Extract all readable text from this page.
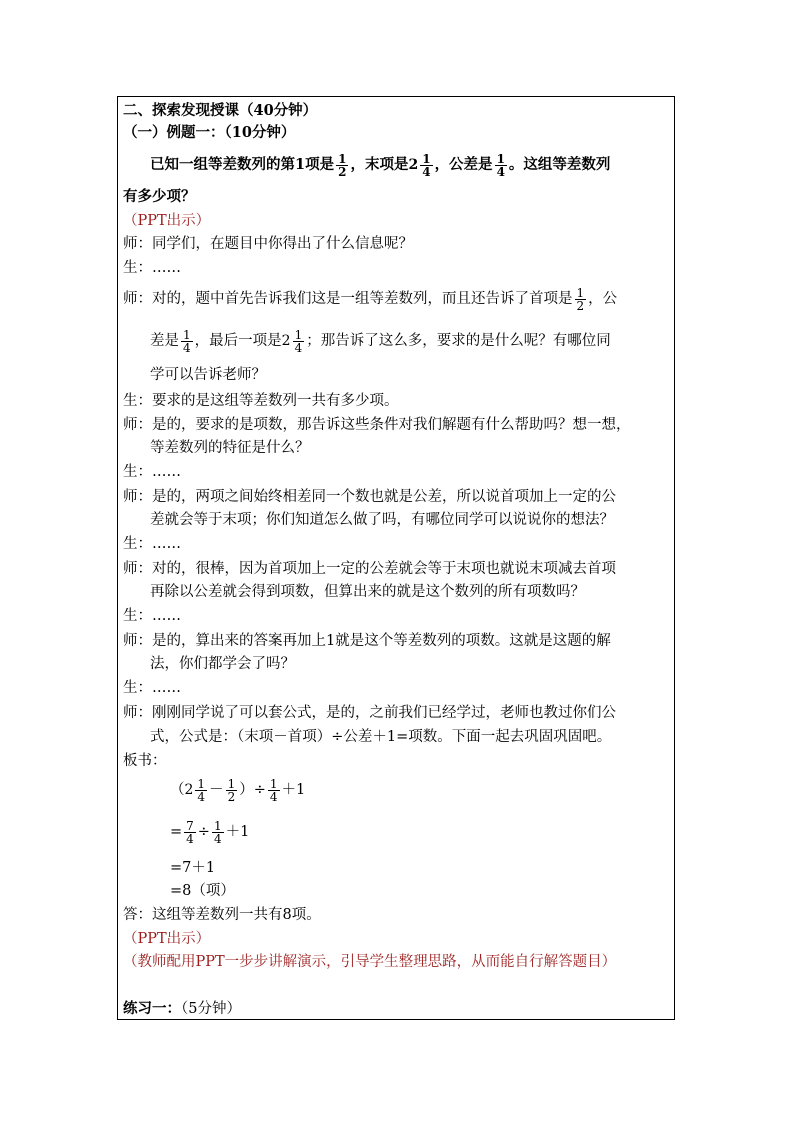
二、探索发现授课（40分钟）
（一）例题一：（10分钟）
已知一组等差数列的第1项是 $\frac{1}{2}$ ，末项是$2 \frac{1}{4}$ ，公差是 $\frac{1}{4}$ 。这组等差数列
有多少项？
（PPT出示）
师：同学们，在题目中你得出了什么信息呢？
生：……
师：对的，题中首先告诉我们这是一组等差数列，而且还告诉了首项是 $\frac{1}{2}$ ，公
差是 $\frac{1}{4}$ ，最后一项是$2 \frac{1}{4}$ ；那告诉了这么多，要求的是什么呢？有哪位同
学可以告诉老师？
生：要求的是这组等差数列一共有多少项。
师：是的，要求的是项数，那告诉这些条件对我们解题有什么帮助吗？想一想，
等差数列的特征是什么？
生：……
师：是的，两项之间始终相差同一个数也就是公差，所以说首项加上一定的公
差就会等于末项；你们知道怎么做了吗，有哪位同学可以说说你的想法？
生：……
师：对的，很棒，因为首项加上一定的公差就会等于末项也就说末项减去首项
再除以公差就会得到项数，但算出来的就是这个数列的所有项数吗？
生：……
师：是的，算出来的答案再加上1就是这个等差数列的项数。这就是这题的解
法，你们都学会了吗？
生：……
师：刚刚同学说了可以套公式，是的，之前我们已经学过，老师也教过你们公
式，公式是：（末项－首项）÷公差＋1=项数。下面一起去巩固巩固吧。
板书：
（$2 \frac{1}{4} - \frac{1}{2}$ ）÷ $\frac{1}{4} +1$
= $\frac{7}{4} \div \frac{1}{4} +1$
=7＋1
=8（项）
答：这组等差数列一共有8项。
（PPT出示）
（教师配用PPT一步步讲解演示，引导学生整理思路，从而能自行解答题目）
练习一：（5分钟）
